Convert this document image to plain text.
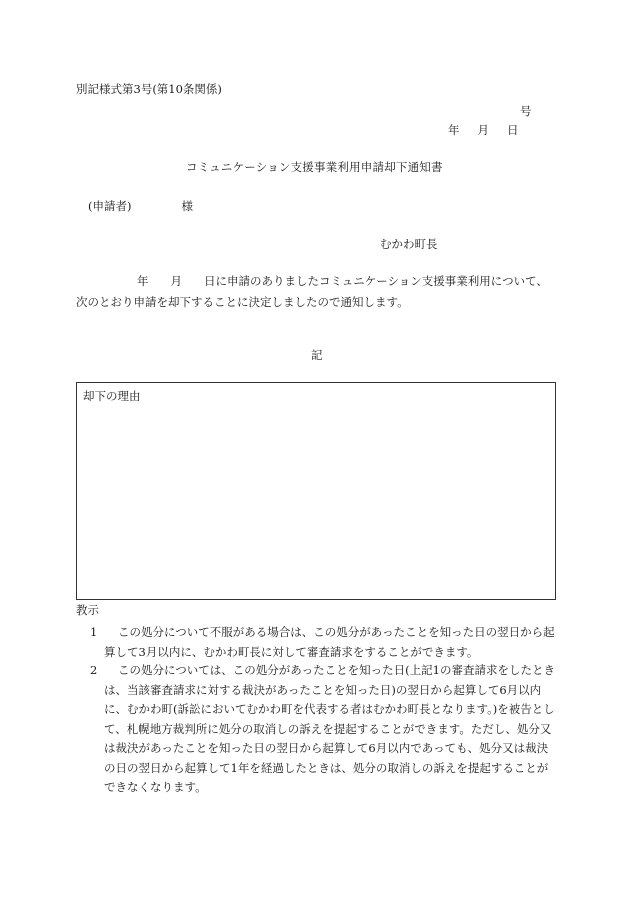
別記様式第3号(第10条関係)
号
年 月 日
コミュニケーション支援事業利用申請却下通知書
(申請者)	様
むかわ町長
年 月 日に申請のありましたコミュニケーション支援事業利用について、次のとおり申請を却下することに決定しましたので通知します。
記
却下の理由
教示
1	この処分について不服がある場合は、この処分があったことを知った日の翌日から起算して3月以内に、むかわ町長に対して審査請求をすることができます。
2	この処分については、この処分があったことを知った日(上記1の審査請求をしたときは、当該審査請求に対する裁決があったことを知った日)の翌日から起算して6月以内に、むかわ町(訴訟においてむかわ町を代表する者はむかわ町長となります。)を被告として、札幌地方裁判所に処分の取消しの訴えを提起することができます。ただし、処分又は裁決があったことを知った日の翌日から起算して6月以内であっても、処分又は裁決の日の翌日から起算して1年を経過したときは、処分の取消しの訴えを提起することができなくなります。
